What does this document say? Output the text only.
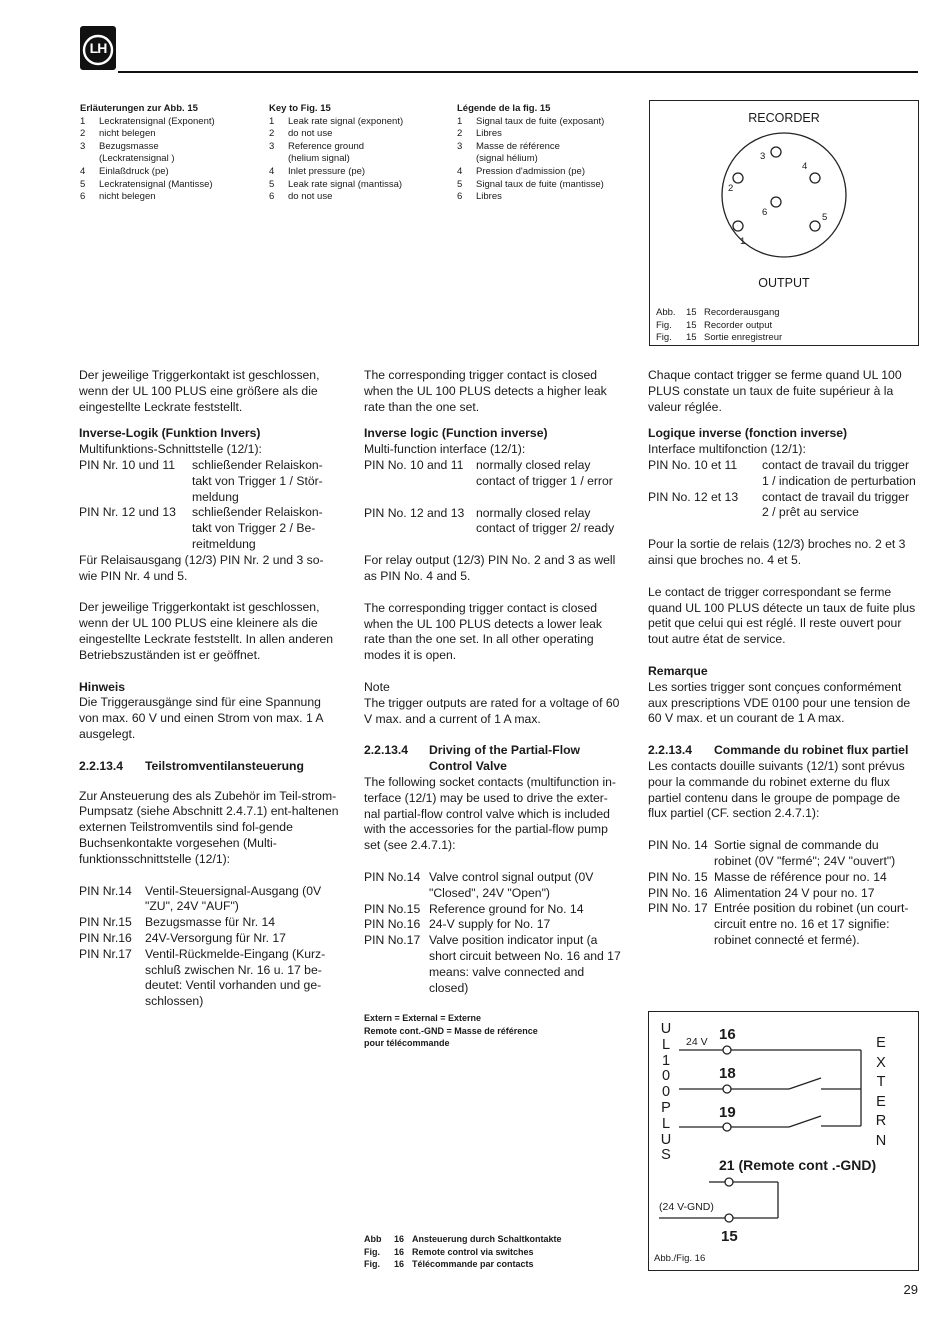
LH
Erläuterungen zur Abb. 15
1	Leckratensignal (Exponent)
2	nicht belegen
3	Bezugsmasse
(Leckratensignal )
4	Einlaßdruck (pe)
5	Leckratensignal (Mantisse)
6	nicht belegen
Key to Fig. 15
1	Leak rate signal (exponent)
2	do not use
3	Reference ground
(helium signal)
4	Inlet pressure (pe)
5	Leak rate signal (mantissa)
6	do not use
Légende de la fig. 15
1	Signal taux de fuite (exposant)
2	Libres
3	Masse de référence
(signal hélium)
4	Pression d'admission (pe)
5	Signal taux de fuite (mantisse)
6	Libres
RECORDER
3
4
2
6	5
1
OUTPUT
Abb.	15 Recorderausgang
Fig.	15 Recorder output
Fig.	15 Sortie enregistreur

Der jeweilige Triggerkontakt ist geschlossen, wenn der UL 100 PLUS eine größere als die eingestellte Leckrate feststellt.

Inverse-Logik (Funktion Invers)
Multifunktions-Schnittstelle (12/1):
PIN Nr. 10 und 11	schließender Relaiskon-takt von Trigger 1 / Stör-meldung
PIN Nr. 12 und 13	schließender Relaiskon-takt von Trigger 2 / Be-reitmeldung

Für Relaisausgang (12/3) PIN Nr. 2 und 3 so-wie PIN Nr. 4 und 5.

Der jeweilige Triggerkontakt ist geschlossen, wenn der UL 100 PLUS eine kleinere als die eingestellte Leckrate feststellt. In allen anderen Betriebszuständen ist er geöffnet.

Hinweis

Die Triggerausgänge sind für eine Spannung von max. 60 V und einen Strom von max. 1 A ausgelegt.

2.2.13.4	Teilstromventilansteuerung

Zur Ansteuerung des als Zubehör im Teil-strom-Pumpsatz (siehe Abschnitt 2.4.7.1) ent-haltenen externen Teilstromventils sind fol-gende Buchsenkontakte vorgesehen (Multi-funktionsschnittstelle (12/1):

PIN Nr.14	Ventil-Steuersignal-Ausgang (0V "ZU", 24V "AUF")
PIN Nr.15	Bezugsmasse für Nr. 14
PIN Nr.16	24V-Versorgung für Nr. 17
PIN Nr.17	Ventil-Rückmelde-Eingang (Kurz-schluß zwischen Nr. 16 u. 17 be-deutet: Ventil vorhanden und ge-schlossen)

The corresponding trigger contact is closed when the UL 100 PLUS detects a higher leak rate than the one set.

Inverse logic (Function inverse)
Multi-function interface (12/1):
PIN No. 10 and 11	normally closed relay contact of trigger 1 / error
PIN No. 12 and 13 normally closed relay contact of trigger 2/ ready

For relay output (12/3) PIN No. 2 and 3 as well as PIN No. 4 and 5.

The corresponding trigger contact is closed when the UL 100 PLUS detects a lower leak rate than the one set. In all other operating modes it is open.

Note

The trigger outputs are rated for a voltage of 60 V max. and a current of 1 A max.

2.2.13.4	Driving of the Partial-Flow Control Valve

The following socket contacts (multifunction in-terface (12/1) may be used to drive the exter-nal partial-flow control valve which is included with the accessories for the partial-flow pump set (see 2.4.7.1):

PIN No.14 Valve control signal output (0V "Closed", 24V "Open")
PIN No.15 Reference ground for No. 14
PIN No.16 24-V supply for No. 17
PIN No.17 Valve position indicator input (a short circuit between No. 16 and 17 means: valve connected and closed)
Extern = External = Externe
Remote cont.-GND = Masse de référence
pour télécommande
Abb	16 Ansteuerung durch Schaltkontakte
Fig.	16 Remote control via switches
Fig.	16 Télécommande par contacts

Chaque contact trigger se ferme quand UL 100 PLUS constate un taux de fuite supérieur à la valeur réglée.

Logique inverse (fonction inverse)
Interface multifonction (12/1):
PIN No. 10 et 11	contact de travail du trigger 1 / indication de perturbation
PIN No. 12 et 13	contact de travail du trigger 2 / prêt au service

Pour la sortie de relais (12/3) broches no. 2 et 3 ainsi que broches no. 4 et 5.

Le contact de trigger correspondant se ferme quand UL 100 PLUS détecte un taux de fuite plus petit que celui qui est réglé. Il reste ouvert pour tout autre état de service.

Remarque

Les sorties trigger sont conçues conformément aux prescriptions VDE 0100 pour une tension de 60 V max. et un courant de 1 A max.

2.2.13.4	Commande du robinet flux partiel

Les contacts douille suivants (12/1) sont prévus pour la commande du robinet externe du flux partiel contenu dans le groupe de pompage de flux partiel (CF. section 2.4.7.1):

PIN No. 14 Sortie signal de commande du robinet (0V "fermé"; 24V "ouvert")
PIN No. 15 Masse de référence pour no. 14
PIN No. 16 Alimentation 24 V pour no. 17
PIN No. 17 Entrée position du robinet (un court-circuit entre no. 16 et 17 signifie: robinet connecté et fermé).
U
L
1
0
0
P
L
U
S
E
X
T
E
R
N
24 V 16
18
19
21 (Remote cont .-GND)
(24 V-GND)
15
Abb./Fig. 16
29
